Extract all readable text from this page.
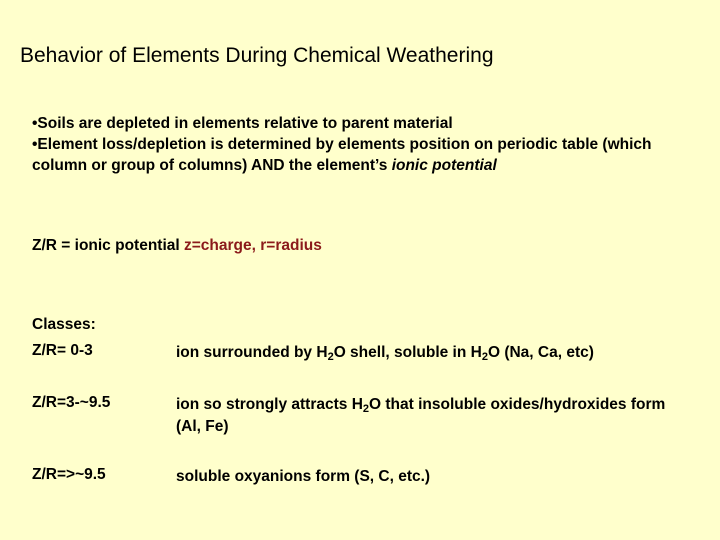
Behavior of Elements During Chemical Weathering

•Soils are depleted in elements relative to parent material

•Element loss/depletion is determined by elements position on periodic table (which column or group of columns) AND the element’s ionic potential

Z/R = ionic potential z=charge, r=radius
Classes:
Z/R= 0-3	ion surrounded by $H_2O$ shell, soluble in $H_2O$ (Na, Ca, etc)
Z/R=3-~9.5	ion so strongly attracts $H_2O$ that insoluble oxides/hydroxides form (Al, Fe)
Z/R=>~9.5	soluble oxyanions form (S, C, etc.)
